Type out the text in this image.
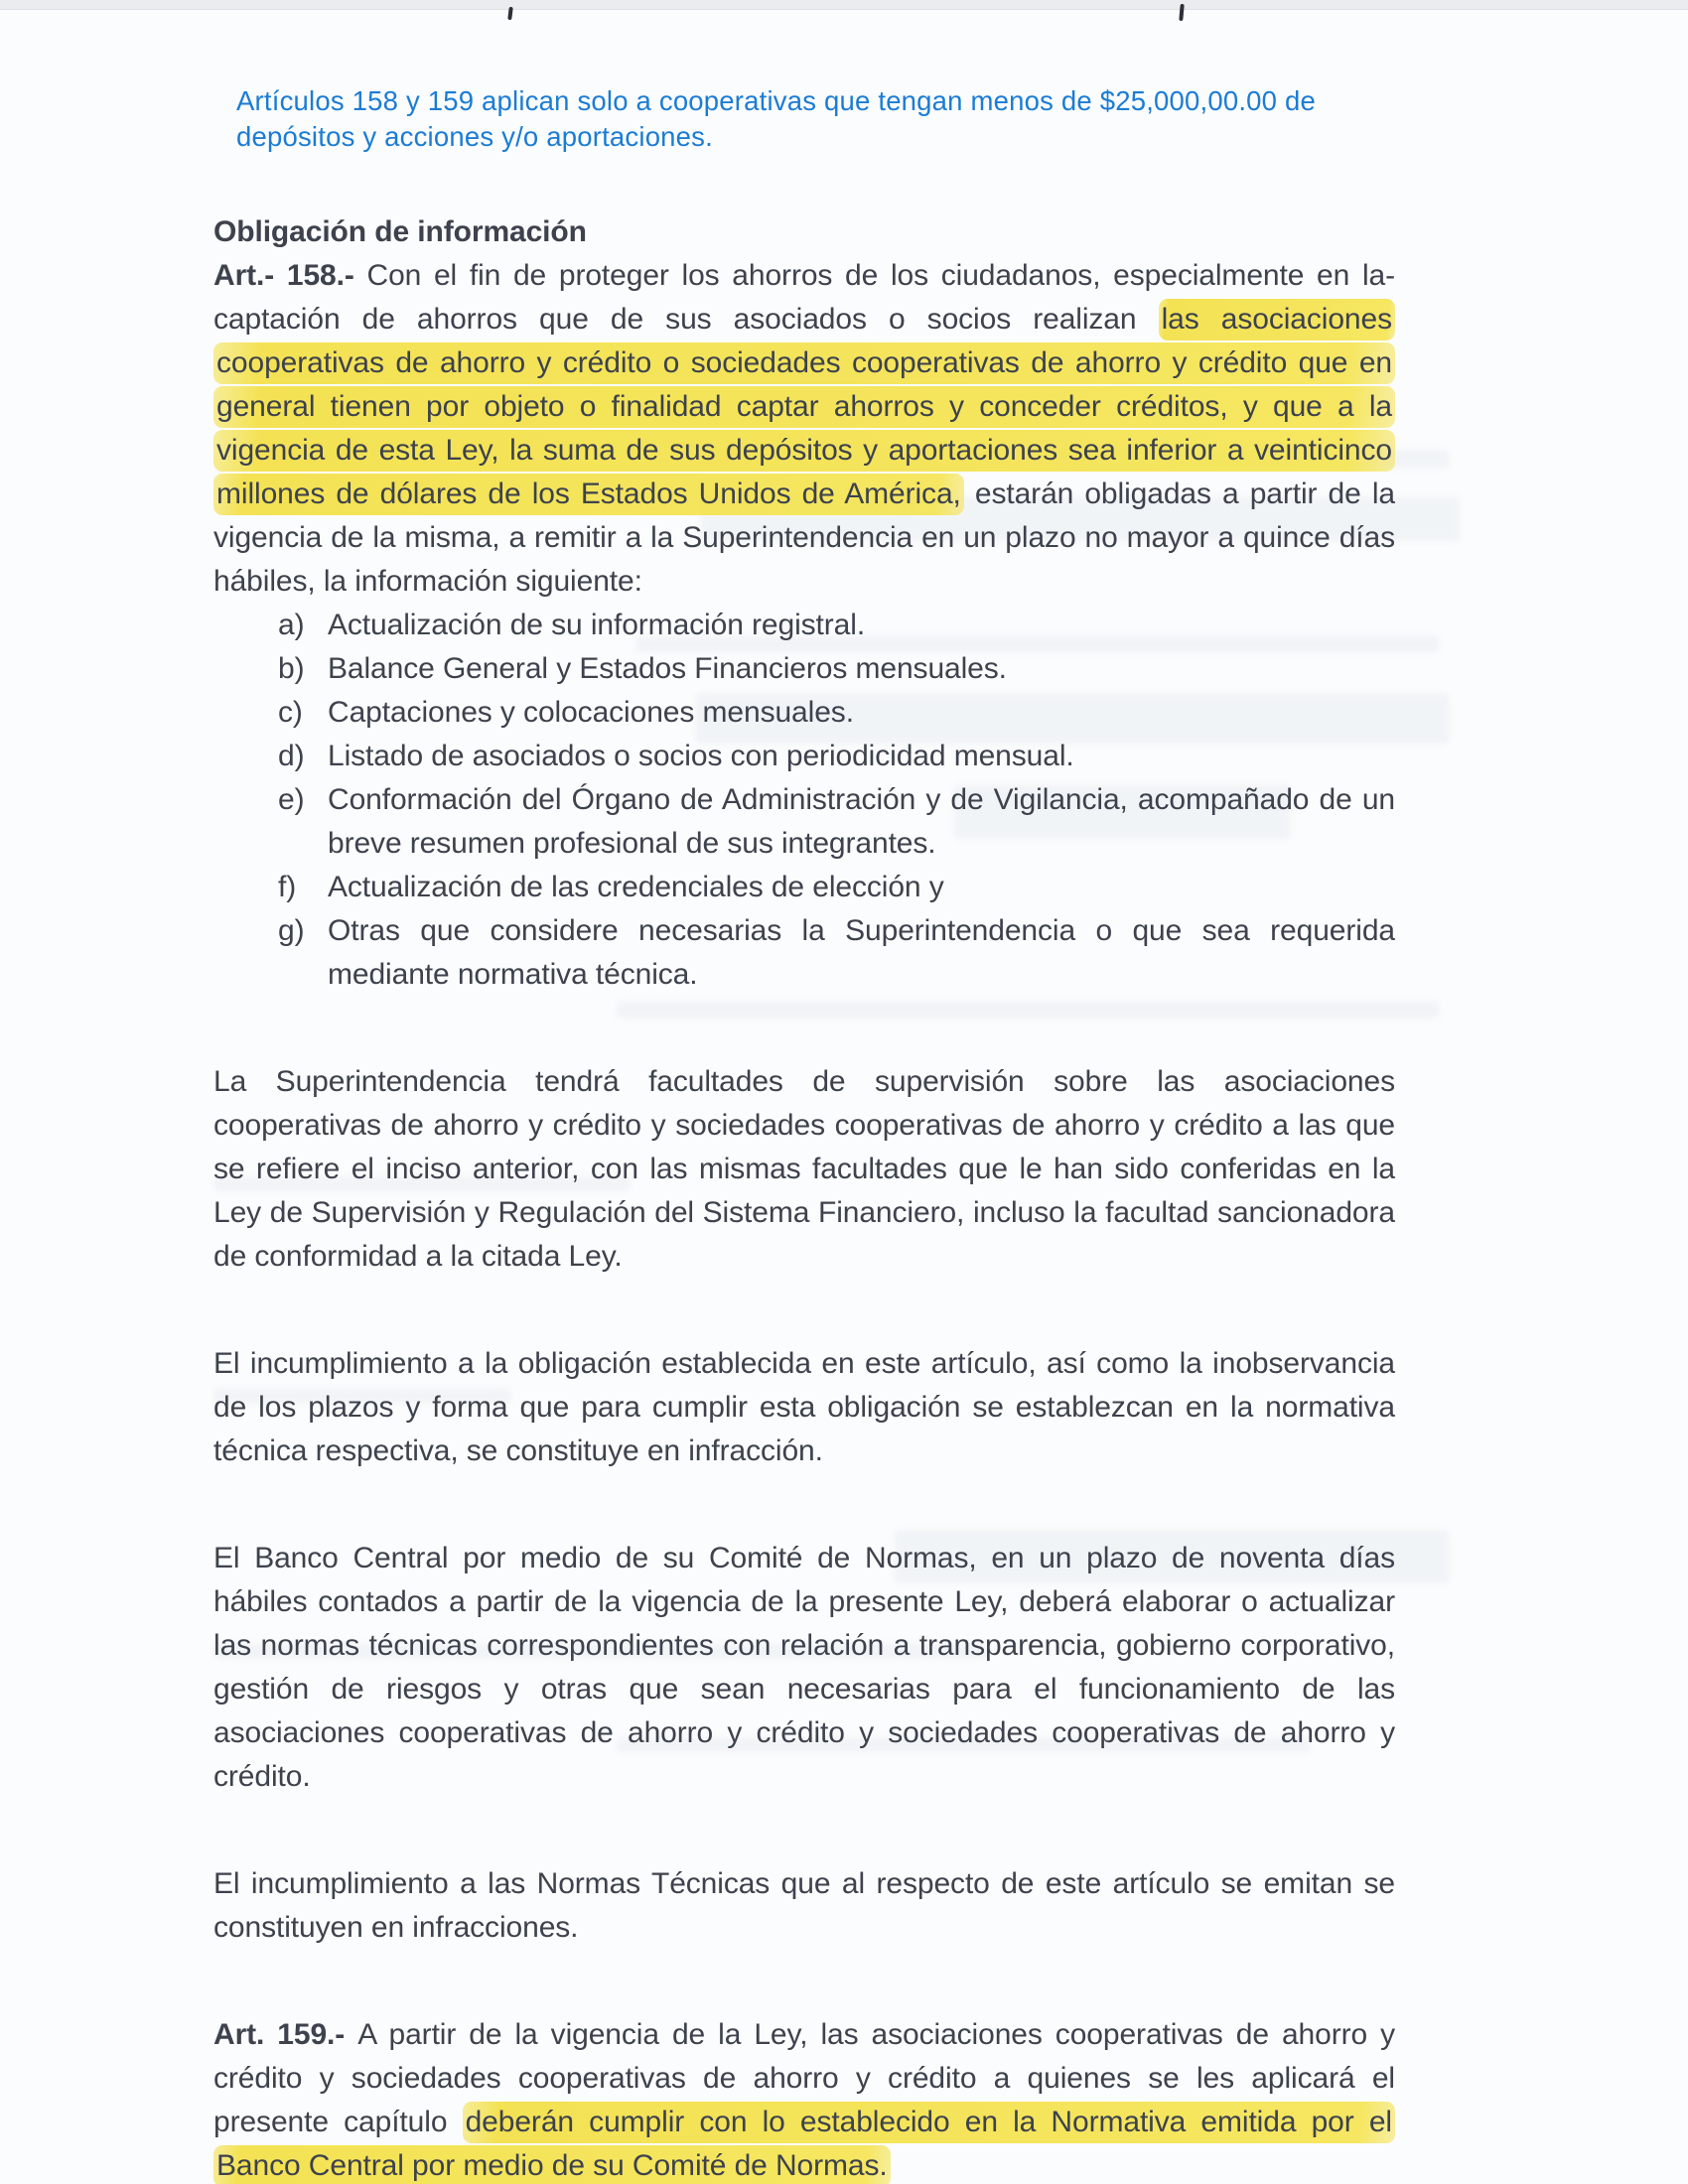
Artículos 158 y 159 aplican solo a cooperativas que tengan menos de $25,000,00.00 de depósitos y acciones y/o aportaciones.
Obligación de información

Art.- 158.- Con el fin de proteger los ahorros de los ciudadanos, especialmente en la-captación de ahorros que de sus asociados o socios realizan las asociaciones cooperativas de ahorro y crédito o sociedades cooperativas de ahorro y crédito que en general tienen por objeto o finalidad captar ahorros y conceder créditos, y que a la vigencia de esta Ley, la suma de sus depósitos y aportaciones sea inferior a veinticinco millones de dólares de los Estados Unidos de América, estarán obligadas a partir de la vigencia de la misma, a remitir a la Superintendencia en un plazo no mayor a quince días hábiles, la información siguiente:

a) Actualización de su información registral.
b) Balance General y Estados Financieros mensuales.
c) Captaciones y colocaciones mensuales.
d) Listado de asociados o socios con periodicidad mensual.
e) Conformación del Órgano de Administración y de Vigilancia, acompañado de un breve resumen profesional de sus integrantes.
f)	Actualización de las credenciales de elección y
g) Otras que considere necesarias la Superintendencia o que sea requerida mediante normativa técnica.

La Superintendencia tendrá facultades de supervisión sobre las asociaciones cooperativas de ahorro y crédito y sociedades cooperativas de ahorro y crédito a las que se refiere el inciso anterior, con las mismas facultades que le han sido conferidas en la Ley de Supervisión y Regulación del Sistema Financiero, incluso la facultad sancionadora de conformidad a la citada Ley.

El incumplimiento a la obligación establecida en este artículo, así como la inobservancia de los plazos y forma que para cumplir esta obligación se establezcan en la normativa técnica respectiva, se constituye en infracción.

El Banco Central por medio de su Comité de Normas, en un plazo de noventa días hábiles contados a partir de la vigencia de la presente Ley, deberá elaborar o actualizar las normas técnicas correspondientes con relación a transparencia, gobierno corporativo, gestión de riesgos y otras que sean necesarias para el funcionamiento de las asociaciones cooperativas de ahorro y crédito y sociedades cooperativas de ahorro y crédito.

El incumplimiento a las Normas Técnicas que al respecto de este artículo se emitan se constituyen en infracciones.

Art. 159.- A partir de la vigencia de la Ley, las asociaciones cooperativas de ahorro y crédito y sociedades cooperativas de ahorro y crédito a quienes se les aplicará el presente capítulo deberán cumplir con lo establecido en la Normativa emitida por el Banco Central por medio de su Comité de Normas.
